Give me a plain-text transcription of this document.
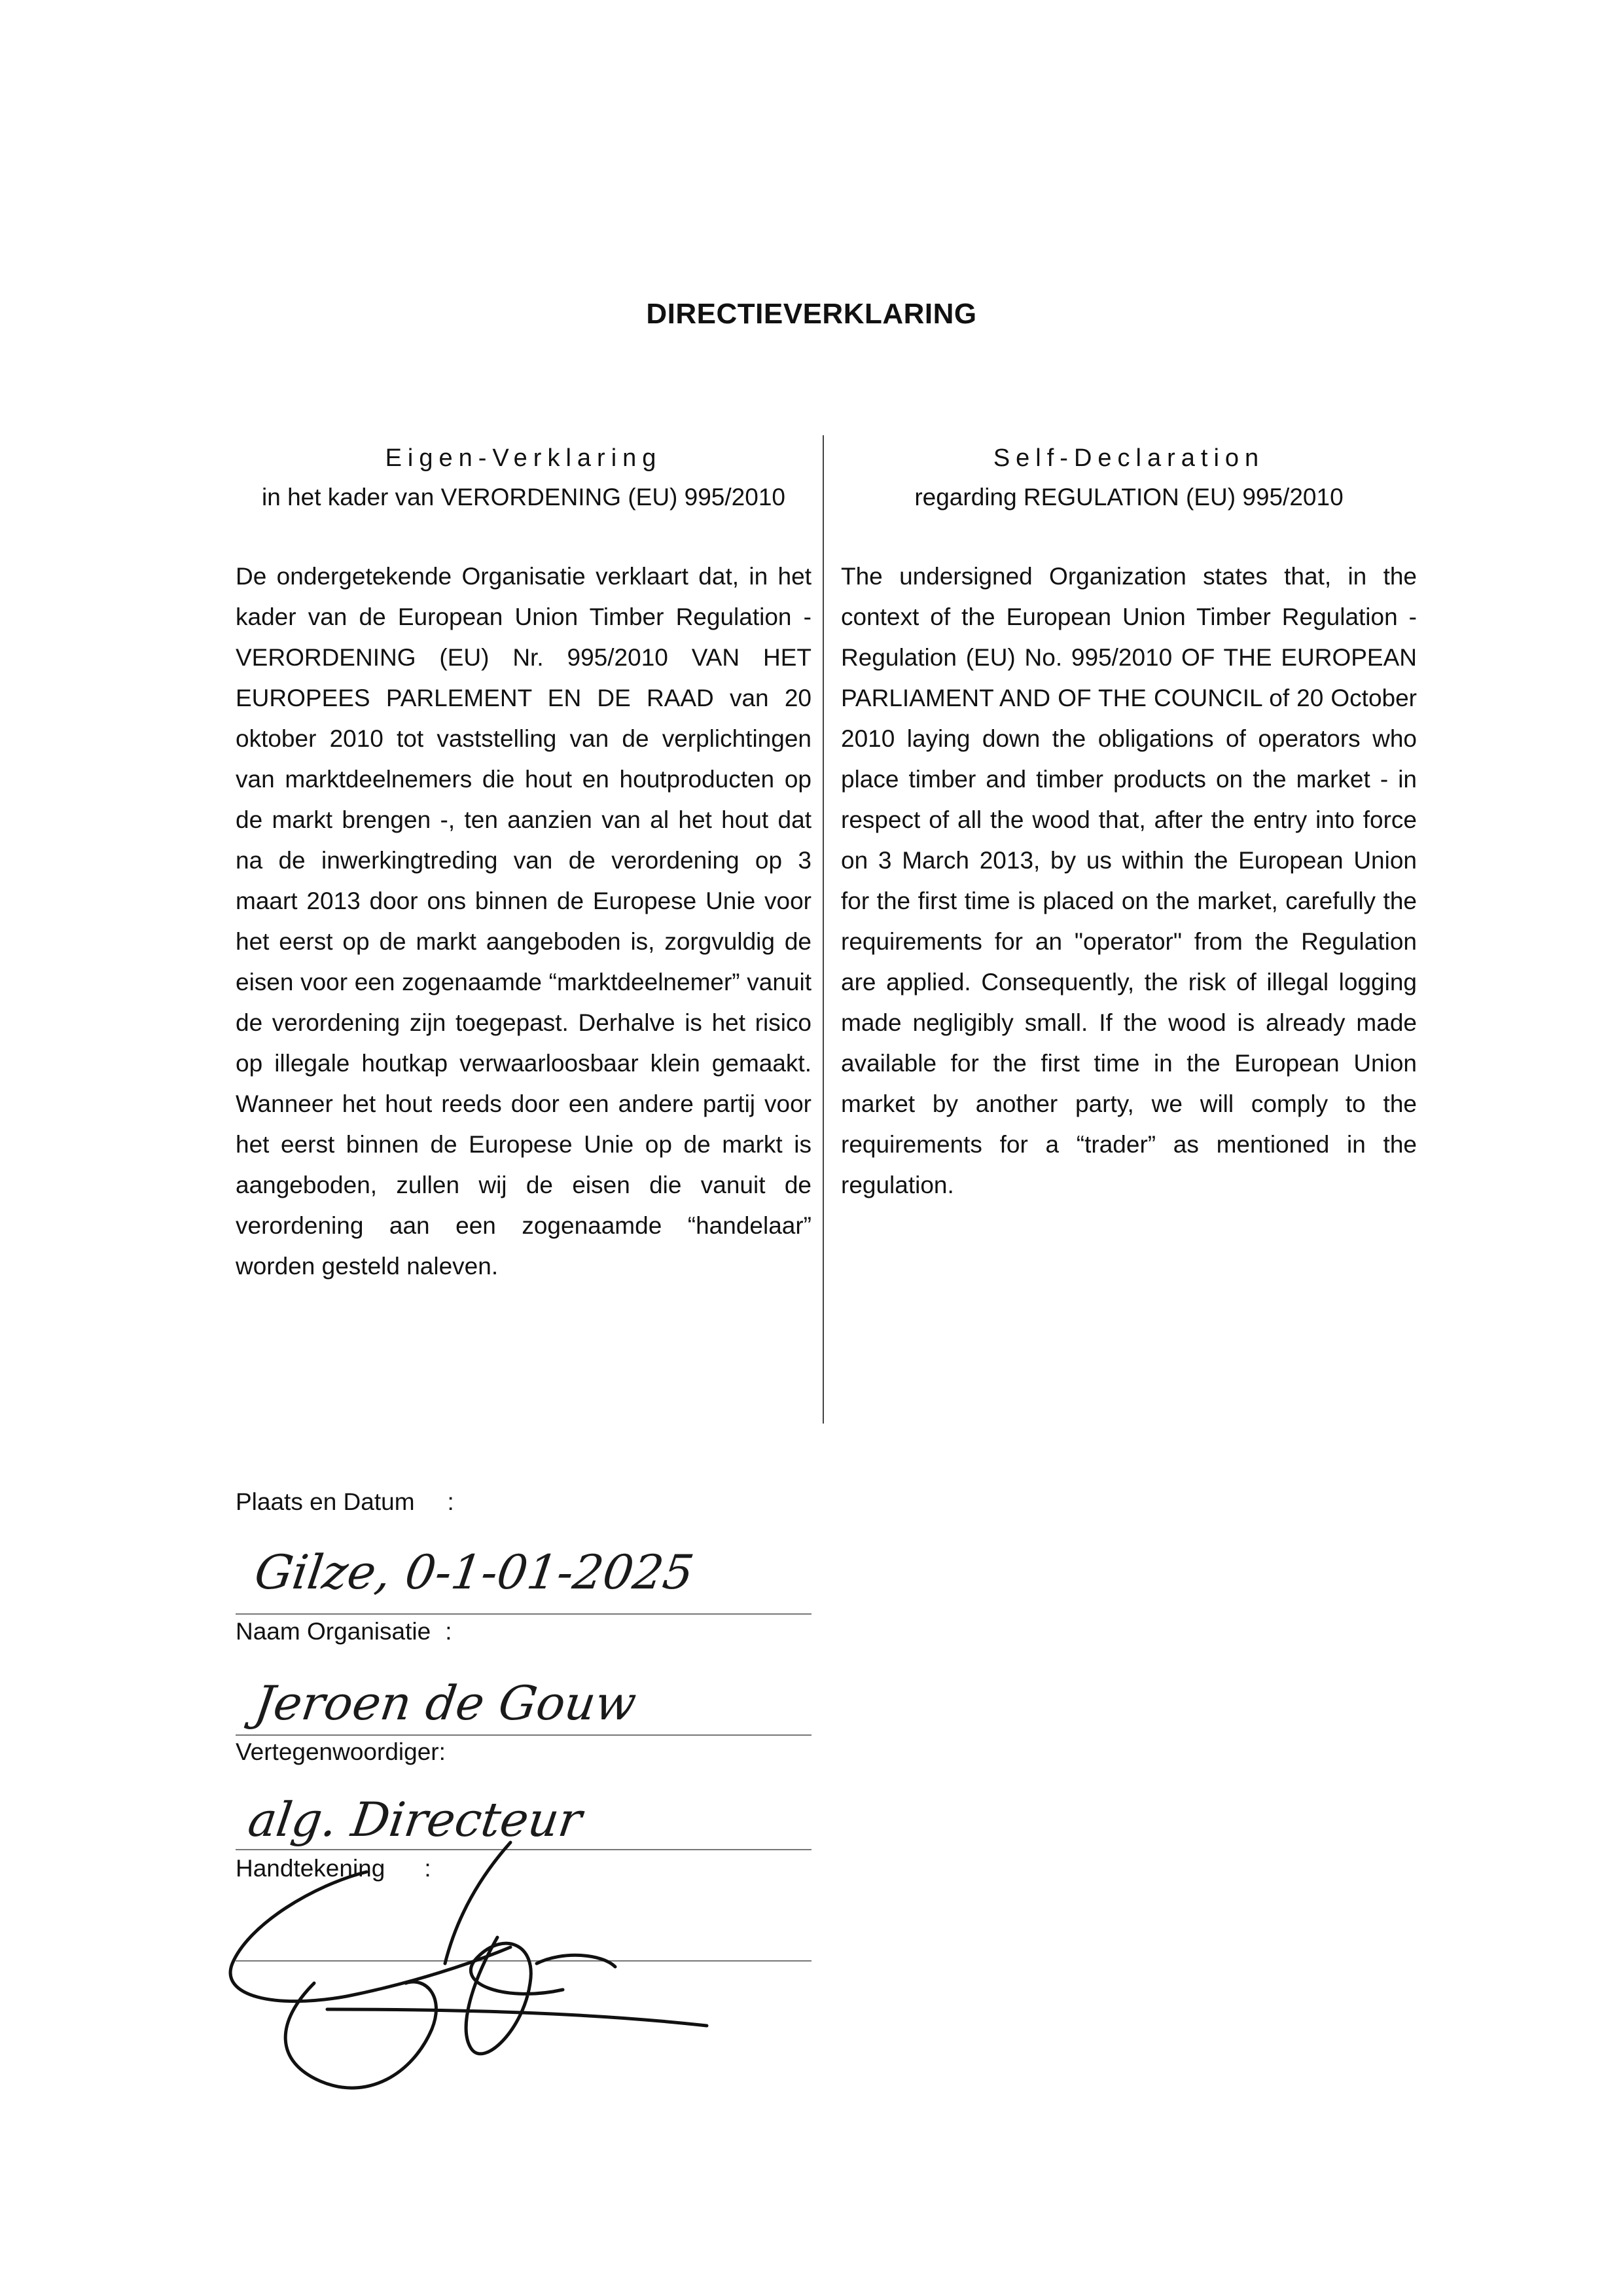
DIRECTIEVERKLARING
Eigen-Verklaring
in het kader van VERORDENING (EU) 995/2010
De ondergetekende Organisatie verklaart dat, in het kader van de European Union Timber Regulation - VERORDENING (EU) Nr. 995/2010 VAN HET EUROPEES PARLEMENT EN DE RAAD van 20 oktober 2010 tot vaststelling van de verplichtingen van marktdeelnemers die hout en houtproducten op de markt brengen -, ten aanzien van al het hout dat na de inwerkingtreding van de verordening op 3 maart 2013 door ons binnen de Europese Unie voor het eerst op de markt aangeboden is, zorgvuldig de eisen voor een zogenaamde “marktdeelnemer” vanuit de verordening zijn toegepast. Derhalve is het risico op illegale houtkap verwaarloosbaar klein gemaakt. Wanneer het hout reeds door een andere partij voor het eerst binnen de Europese Unie op de markt is aangeboden, zullen wij de eisen die vanuit de verordening aan een zogenaamde “handelaar” worden gesteld naleven.
Self-Declaration
regarding REGULATION (EU) 995/2010
The undersigned Organization states that, in the context of the European Union Timber Regulation - Regulation (EU) No. 995/2010 OF THE EUROPEAN PARLIAMENT AND OF THE COUNCIL of 20 October 2010 laying down the obligations of operators who place timber and timber products on the market - in respect of all the wood that, after the entry into force on 3 March 2013, by us within the European Union for the first time is placed on the market, carefully the requirements for an "operator" from the Regulation are applied. Consequently, the risk of illegal logging made negligibly small. If the wood is already made available for the first time in the European Union market by another party, we will comply to the requirements for a “trader” as mentioned in the regulation.
Plaats en Datum :
Gilze, 0-1-01-2025
Naam Organisatie :
Jeroen de Gouw
Vertegenwoordiger:
alg. Directeur
Handtekening :
